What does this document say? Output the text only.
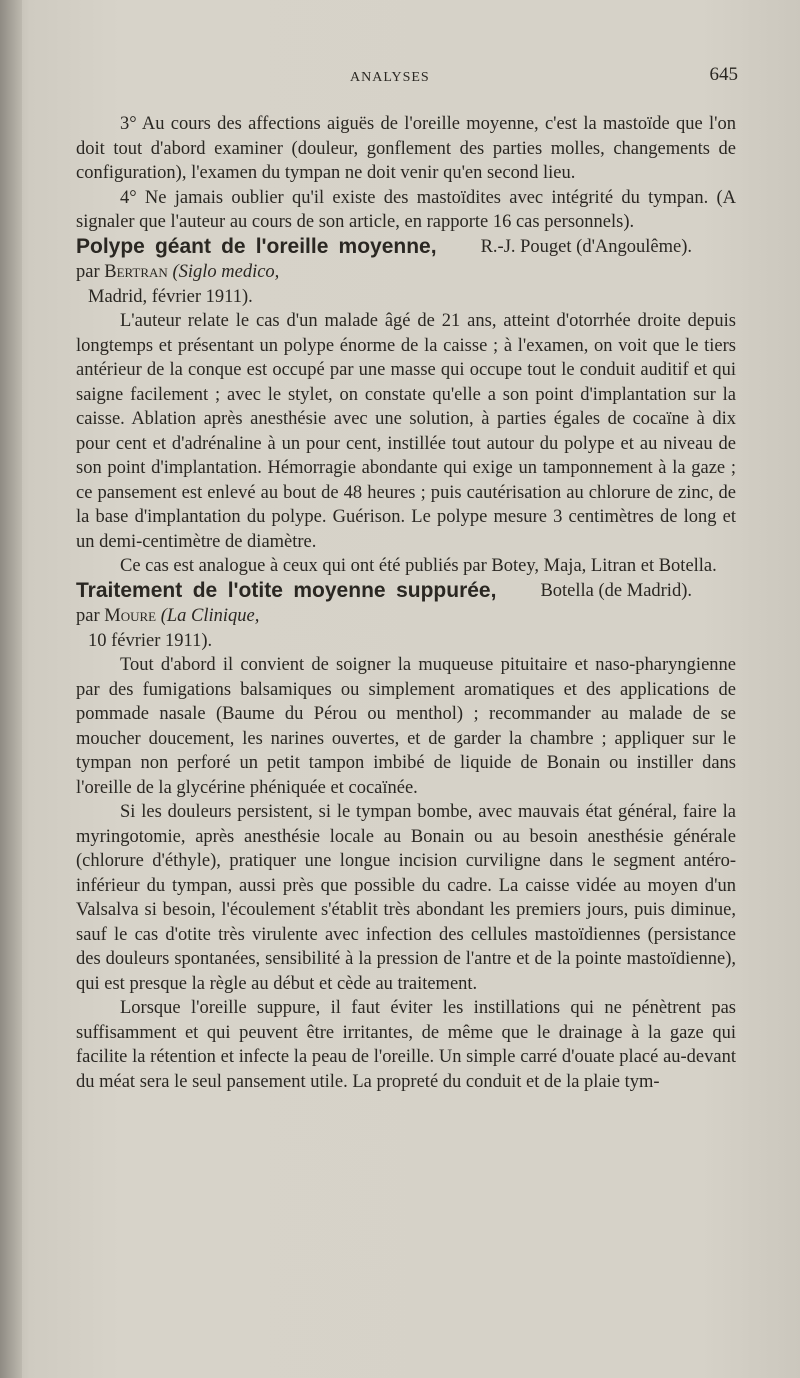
ANALYSES	645

3° Au cours des affections aiguës de l'oreille moyenne, c'est la mastoïde que l'on doit tout d'abord examiner (douleur, gonflement des parties molles, changements de configuration), l'examen du tympan ne doit venir qu'en second lieu.

4° Ne jamais oublier qu'il existe des mastoïdites avec intégrité du tympan. (A signaler que l'auteur au cours de son article, en rapporte 16 cas personnels).
R.-J. Pouget (d'Angoulême).

Polype géant de l'oreille moyenne, par Bertran (Siglo medico,

Madrid, février 1911).

L'auteur relate le cas d'un malade âgé de 21 ans, atteint d'otorrhée droite depuis longtemps et présentant un polype énorme de la caisse ; à l'examen, on voit que le tiers antérieur de la conque est occupé par une masse qui occupe tout le conduit auditif et qui saigne facilement ; avec le stylet, on constate qu'elle a son point d'implantation sur la caisse. Ablation après anesthésie avec une solution, à parties égales de cocaïne à dix pour cent et d'adrénaline à un pour cent, instillée tout autour du polype et au niveau de son point d'implantation. Hémorragie abondante qui exige un tamponnement à la gaze ; ce pansement est enlevé au bout de 48 heures ; puis cautérisation au chlorure de zinc, de la base d'implantation du polype. Guérison. Le polype mesure 3 centimètres de long et un demi-centimètre de diamètre.

Ce cas est analogue à ceux qui ont été publiés par Botey, Maja, Litran et Botella.
Botella (de Madrid).

Traitement de l'otite moyenne suppurée, par Moure (La Clinique,

10 février 1911).

Tout d'abord il convient de soigner la muqueuse pituitaire et naso-pharyngienne par des fumigations balsamiques ou simplement aromatiques et des applications de pommade nasale (Baume du Pérou ou menthol) ; recommander au malade de se moucher doucement, les narines ouvertes, et de garder la chambre ; appliquer sur le tympan non perforé un petit tampon imbibé de liquide de Bonain ou instiller dans l'oreille de la glycérine phéniquée et cocaïnée.

Si les douleurs persistent, si le tympan bombe, avec mauvais état général, faire la myringotomie, après anesthésie locale au Bonain ou au besoin anesthésie générale (chlorure d'éthyle), pratiquer une longue incision curviligne dans le segment antéro-inférieur du tympan, aussi près que possible du cadre. La caisse vidée au moyen d'un Valsalva si besoin, l'écoulement s'établit très abondant les premiers jours, puis diminue, sauf le cas d'otite très virulente avec infection des cellules mastoïdiennes (persistance des douleurs spontanées, sensibilité à la pression de l'antre et de la pointe mastoïdienne), qui est presque la règle au début et cède au traitement.

Lorsque l'oreille suppure, il faut éviter les instillations qui ne pénètrent pas suffisamment et qui peuvent être irritantes, de même que le drainage à la gaze qui facilite la rétention et infecte la peau de l'oreille. Un simple carré d'ouate placé au-devant du méat sera le seul pansement utile. La propreté du conduit et de la plaie tym-
